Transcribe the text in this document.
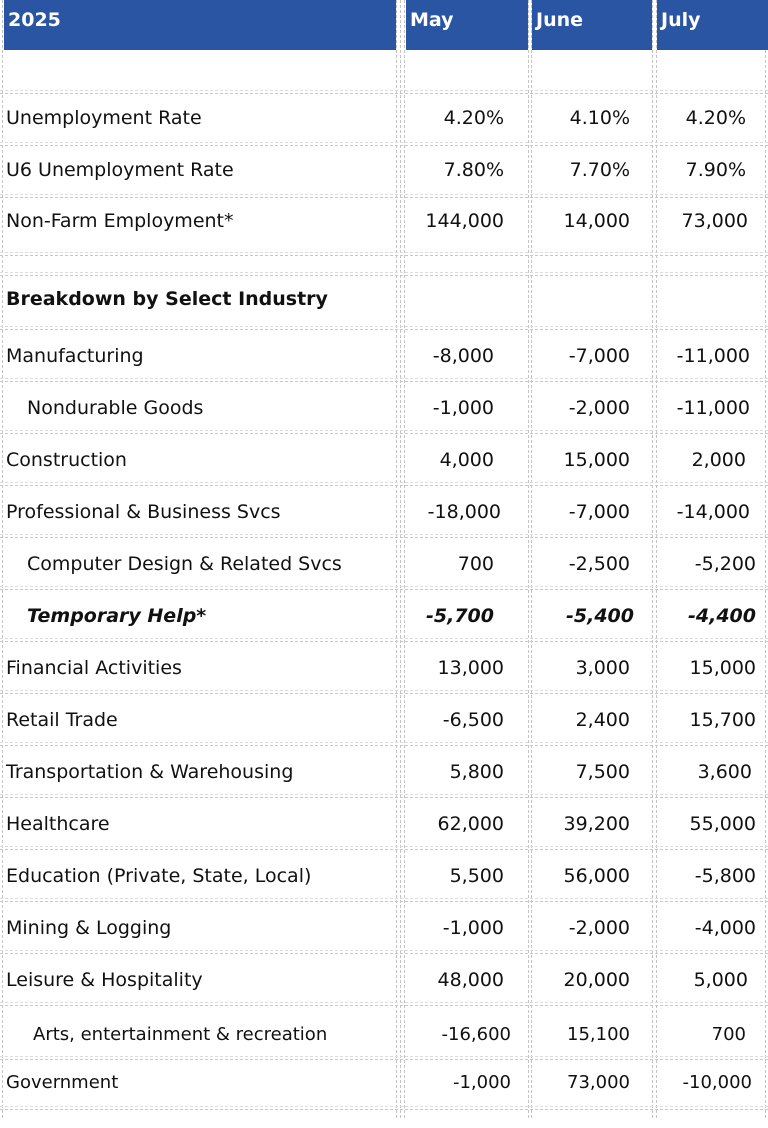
2025	May	June	July
Unemployment Rate	4.20%	4.10%	4.20%
U6 Unemployment Rate	7.80%	7.70%	7.90%
Non-Farm Employment*	144,000	14,000	73,000
Breakdown by Select Industry
Manufacturing	-8,000	-7,000 -11,000
Nondurable Goods	-1,000	-2,000 -11,000
Construction	4,000	15,000	2,000
Professional & Business Svcs	-18,000	-7,000 -14,000
Computer Design & Related Svcs	700	-2,500	-5,200
Temporary Help*	-5,700	-5,400	-4,400
Financial Activities	13,000	3,000	15,000
Retail Trade	-6,500	2,400	15,700
Transportation & Warehousing	5,800	7,500	3,600
Healthcare	62,000	39,200	55,000
Education (Private, State, Local)	5,500	56,000	-5,800
Mining & Logging	-1,000	-2,000	-4,000
Leisure & Hospitality	48,000	20,000	5,000
Arts, entertainment & recreation	-16,600	15,100	700
Government	-1,000	73,000	-10,000
